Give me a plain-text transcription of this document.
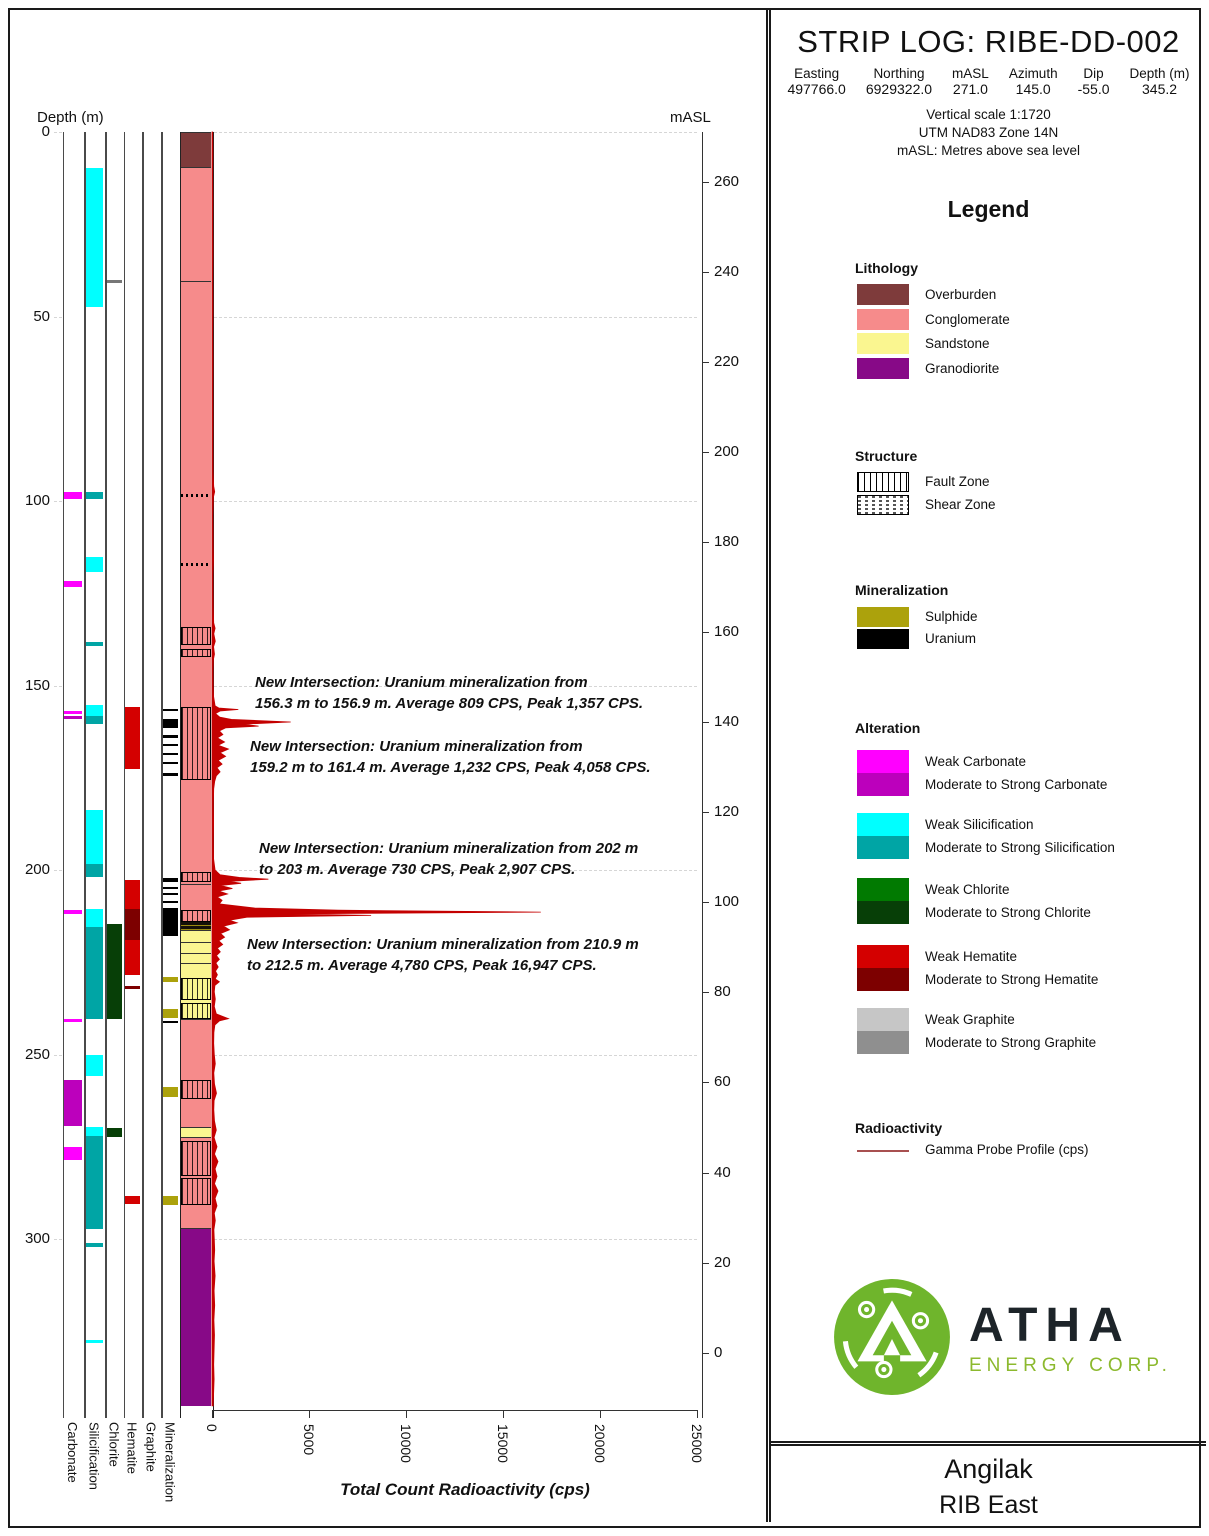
Depth (m)	mASL
Total Count Radioactivity (cps)
0
50
100
150
200
250
300
Carbonate Silicification Chlorite Hematite Graphite Mineralization
260
240
220
200
180
160
140
120
100
80
60
40
20
0
0	5000	10000	15000	20000	25000
New Intersection: Uranium mineralization from
156.3 m to 156.9 m. Average 809 CPS, Peak 1,357 CPS.
New Intersection: Uranium mineralization from
159.2 m to 161.4 m. Average 1,232 CPS, Peak 4,058 CPS.
New Intersection: Uranium mineralization from 202 m
to 203 m. Average 730 CPS, Peak 2,907 CPS.
New Intersection: Uranium mineralization from 210.9 m
to 212.5 m. Average 4,780 CPS, Peak 16,947 CPS.
STRIP LOG: RIBE-DD-002
Easting
497766.0
Northing
6929322.0
mASL
271.0
Azimuth
145.0
Dip
-55.0
Depth (m)
345.2
Vertical scale 1:1720
UTM NAD83 Zone 14N
mASL: Metres above sea level
Legend
Lithology
Structure
Mineralization
Alteration
Radioactivity
Overburden
Conglomerate
Sandstone
Granodiorite
Fault Zone
Shear Zone
Sulphide
Uranium
Weak Carbonate
Moderate to Strong Carbonate
Weak Silicification
Moderate to Strong Silicification
Weak Chlorite
Moderate to Strong Chlorite
Weak Hematite
Moderate to Strong Hematite
Weak Graphite
Moderate to Strong Graphite
Gamma Probe Profile (cps)
ATHA
ENERGY CORP.
Angilak
RIB East
